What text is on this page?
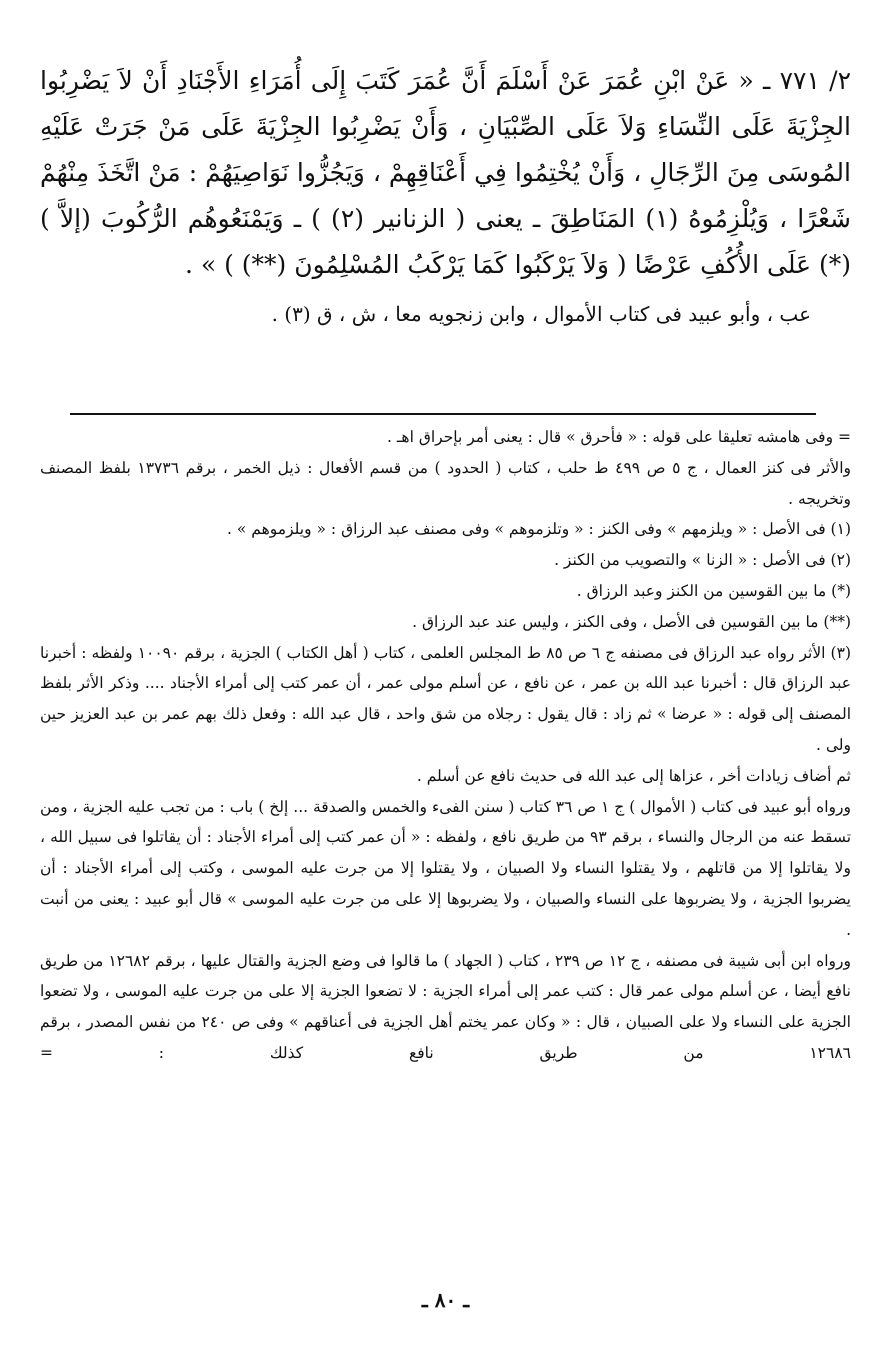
٢/ ٧٧١ ـ « عَنْ ابْنِ عُمَرَ عَنْ أَسْلَمَ أَنَّ عُمَرَ كَتَبَ إِلَى أُمَرَاءِ الأَجْنَادِ أَنْ لاَ يَضْرِبُوا الجِزْيَةَ عَلَى النِّسَاءِ وَلاَ عَلَى الصِّبْيَانِ ، وَأَنْ يَضْرِبُوا الجِزْيَةَ عَلَى مَنْ جَرَتْ عَلَيْهِ المُوسَى مِنَ الرِّجَالِ ، وَأَنْ يُخْتِمُوا فِي أَعْنَاقِهِمْ ، وَيَجُزُّوا نَوَاصِيَهُمْ : مَنْ اتَّخَذَ مِنْهُمْ شَعْرًا ، وَيُلْزِمُوهُ (١) المَنَاطِقَ ـ يعنى ( الزنانير (٢) ) ـ وَيَمْنَعُوهُم الرُّكُوبَ (إلاَّ ) (*) عَلَى الأُكُفِ عَرْضًا ( وَلاَ يَرْكَبُوا كَمَا يَرْكَبُ المُسْلِمُونَ (**) ) » .

عب ، وأبو عبيد فى كتاب الأموال ، وابن زنجويه معا ، ش ، ق (٣) .

= وفى هامشه تعليقا على قوله : « فأحرق » قال : يعنى أمر بإحراق اهـ .

والأثر فى كنز العمال ، ج ٥ ص ٤٩٩ ط حلب ، كتاب ( الحدود ) من قسم الأفعال : ذيل الخمر ، برقم ١٣٧٣٦ بلفظ المصنف وتخريجه .

(١) فى الأصل : « ويلزمهم » وفى الكنز : « وتلزموهم » وفى مصنف عبد الرزاق : « ويلزموهم » .

(٢) فى الأصل : « الزنا » والتصويب من الكنز .

(*) ما بين القوسين من الكنز وعبد الرزاق .

(**) ما بين القوسين فى الأصل ، وفى الكنز ، وليس عند عبد الرزاق .

(٣) الأثر رواه عبد الرزاق فى مصنفه ج ٦ ص ٨٥ ط المجلس العلمى ، كتاب ( أهل الكتاب ) الجزية ، برقم ١٠٠٩٠ ولفظه : أخبرنا عبد الرزاق قال : أخبرنا عبد الله بن عمر ، عن نافع ، عن أسلم مولى عمر ، أن عمر كتب إلى أمراء الأجناد .... وذكر الأثر بلفظ المصنف إلى قوله : « عرضا » ثم زاد : قال يقول : رجلاه من شق واحد ، قال عبد الله : وفعل ذلك بهم عمر بن عبد العزيز حين ولى .

ثم أضاف زيادات أخر ، عزاها إلى عبد الله فى حديث نافع عن أسلم .

ورواه أبو عبيد فى كتاب ( الأموال ) ج ١ ص ٣٦ كتاب ( سنن الفىء والخمس والصدقة ... إلخ ) باب : من تجب عليه الجزية ، ومن تسقط عنه من الرجال والنساء ، برقم ٩٣ من طريق نافع ، ولفظه : « أن عمر كتب إلى أمراء الأجناد : أن يقاتلوا فى سبيل الله ، ولا يقاتلوا إلا من قاتلهم ، ولا يقتلوا النساء ولا الصبيان ، ولا يقتلوا إلا من جرت عليه الموسى ، وكتب إلى أمراء الأجناد : أن يضربوا الجزية ، ولا يضربوها على النساء والصبيان ، ولا يضربوها إلا على من جرت عليه الموسى » قال أبو عبيد : يعنى من أنبت .

ورواه ابن أبى شيبة فى مصنفه ، ج ١٢ ص ٢٣٩ ، كتاب ( الجهاد ) ما قالوا فى وضع الجزية والقتال عليها ، برقم ١٢٦٨٢ من طريق نافع أيضا ، عن أسلم مولى عمر قال : كتب عمر إلى أمراء الجزية : لا تضعوا الجزية إلا على من جرت عليه الموسى ، ولا تضعوا الجزية على النساء ولا على الصبيان ، قال : « وكان عمر يختم أهل الجزية فى أعناقهم » وفى ص ٢٤٠ من نفس المصدر ، برقم ١٢٦٨٦ من طريق نافع كذلك : =

ـ ٨٠ ـ
